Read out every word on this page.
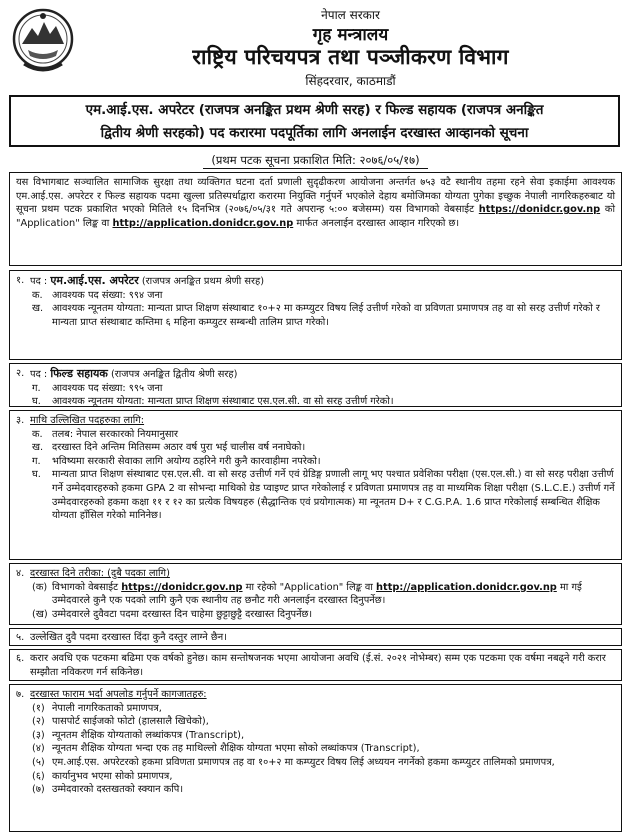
नेपाल सरकार
गृह मन्त्रालय
राष्ट्रिय परिचयपत्र तथा पञ्जीकरण विभाग
सिंहदरवार, काठमाडौं
एम.आई.एस. अपरेटर (राजपत्र अनङ्कित प्रथम श्रेणी सरह) र फिल्ड सहायक (राजपत्र अनङ्कित
द्वितीय श्रेणी सरहको) पद करारमा पदपूर्तिका लागि अनलाईन दरखास्त आव्हानको सूचना
(प्रथम पटक सूचना प्रकाशित मिति: २०७६/०५/१७)
यस विभागबाट सञ्चालित सामाजिक सुरक्षा तथा व्यक्तिगत घटना दर्ता प्रणाली सुदृढीकरण आयोजना अन्तर्गत ७५३ वटै स्थानीय तहमा रहने सेवा इकाईमा आवश्यक एम.आई.एस. अपरेटर र फिल्ड सहायक पदमा खुल्ला प्रतिस्पर्धाद्वारा करारमा नियुक्ति गर्नुपर्ने भएकोले देहाय बमोजिमका योग्यता पुगेका इच्छुक नेपाली नागरिकहरुबाट यो सूचना प्रथम पटक प्रकाशित भएको मितिले १५ दिनभित्र (२०७६/०५/३१ गते अपरान्ह ५:०० बजेसम्म) यस विभागको वेबसाईट https://donidcr.gov.np को "Application" लिङ्क वा http://application.donidcr.gov.np मार्फत अनलाईन दरखास्त आव्हान गरिएको छ।
१. पद : एम.आई.एस. अपरेटर (राजपत्र अनङ्कित प्रथम श्रेणी सरह)
क. आवश्यक पद संख्या: ९९४ जना
ख. आवश्यक न्यूनतम योग्यता: मान्यता प्राप्त शिक्षण संस्थाबाट १०+२ मा कम्प्युटर विषय लिई उत्तीर्ण गरेको वा प्रविणता प्रमाणपत्र तह वा सो सरह उत्तीर्ण गरेको र मान्यता प्राप्त संस्थाबाट कम्तिमा ६ महिना कम्प्युटर सम्बन्धी तालिम प्राप्त गरेको।
२. पद : फिल्ड सहायक (राजपत्र अनङ्कित द्वितीय श्रेणी सरह)
ग.	आवश्यक पद संख्या: ९९५ जना
घ.	आवश्यक न्यूनतम योग्यता: मान्यता प्राप्त शिक्षण संस्थाबाट एस.एल.सी. वा सो सरह उत्तीर्ण गरेको।
३. माथि उल्लिखित पदहरुका लागि:
क. तलब: नेपाल सरकारको नियमानुसार
ख. दरखास्त दिने अन्तिम मितिसम्म अठार वर्ष पुरा भई चालीस वर्ष ननाघेको।
ग.	भविष्यमा सरकारी सेवाका लागि अयोग्य ठहरिने गरी कुनै कारवाहीमा नपरेको।
घ.	मान्यता प्राप्त शिक्षण संस्थाबाट एस.एल.सी. वा सो सरह उत्तीर्ण गर्ने एवं ग्रेडिङ्ग प्रणाली लागू भए पश्चात प्रवेशिका परीक्षा (एस.एल.सी.) वा सो सरह परीक्षा उत्तीर्ण गर्ने उम्मेदवारहरुको हकमा GPA 2 वा सोभन्दा माथिको ग्रेड प्वाइण्ट प्राप्त गरेकोलाई र प्रविणता प्रमाणपत्र तह वा माध्यमिक शिक्षा परीक्षा (S.L.C.E.) उत्तीर्ण गर्ने उम्मेदवारहरुको हकमा कक्षा ११ र १२ का प्रत्येक विषयहरु (सैद्धान्तिक एवं प्रयोगात्मक) मा न्यूनतम D+ र C.G.P.A. 1.6 प्राप्त गरेकोलाई सम्बन्धित शैक्षिक योग्यता हाँसिल गरेको मानिनेछ।
४. दरखास्त दिने तरीका: (दुबै पदका लागि)
(क) विभागको वेबसाईट https://donidcr.gov.np मा रहेको "Application" लिङ्क वा http://application.donidcr.gov.np मा गई उम्मेदवारले कुनै एक पदको लागि कुनै एक स्थानीय तह छनौट गरी अनलाईन दरखास्त दिनुपर्नेछ।
(ख) उम्मेदवारले दुवैवटा पदमा दरखास्त दिन चाहेमा छुट्टाछुट्टै दरखास्त दिनुपर्नेछ।
५. उल्लेखित दुवै पदमा दरखास्त दिंदा कुनै दस्तुर लाग्ने छैन।
६. करार अवधि एक पटकमा बढिमा एक वर्षको हुनेछ। काम सन्तोषजनक भएमा आयोजना अवधि (ई.सं. २०२१ नोभेम्बर) सम्म एक पटकमा एक वर्षमा नबढ्ने गरी करार सम्झौता नविकरण गर्न सकिनेछ।
७. दरखास्त फाराम भर्दा अपलोड गर्नुपर्ने कागजातहरु:
(१) नेपाली नागरिकताको प्रमाणपत्र,
(२) पासपोर्ट साईजको फोटो (हालसालै खिचेको),
(३) न्यूनतम शैक्षिक योग्यताको लब्धांकपत्र (Transcript),
(४) न्यूनतम शैक्षिक योग्यता भन्दा एक तह माथिल्लो शैक्षिक योग्यता भएमा सोको लब्धांकपत्र (Transcript),
(५) एम.आई.एस. अपरेटरको हकमा प्रविणता प्रमाणपत्र तह वा १०+२ मा कम्प्युटर विषय लिई अध्ययन नगर्नेको हकमा कम्प्युटर तालिमको प्रमाणपत्र,
(६) कार्यानुभव भएमा सोको प्रमाणपत्र,
(७) उम्मेदवारको दस्तखतको स्क्यान कपि।
